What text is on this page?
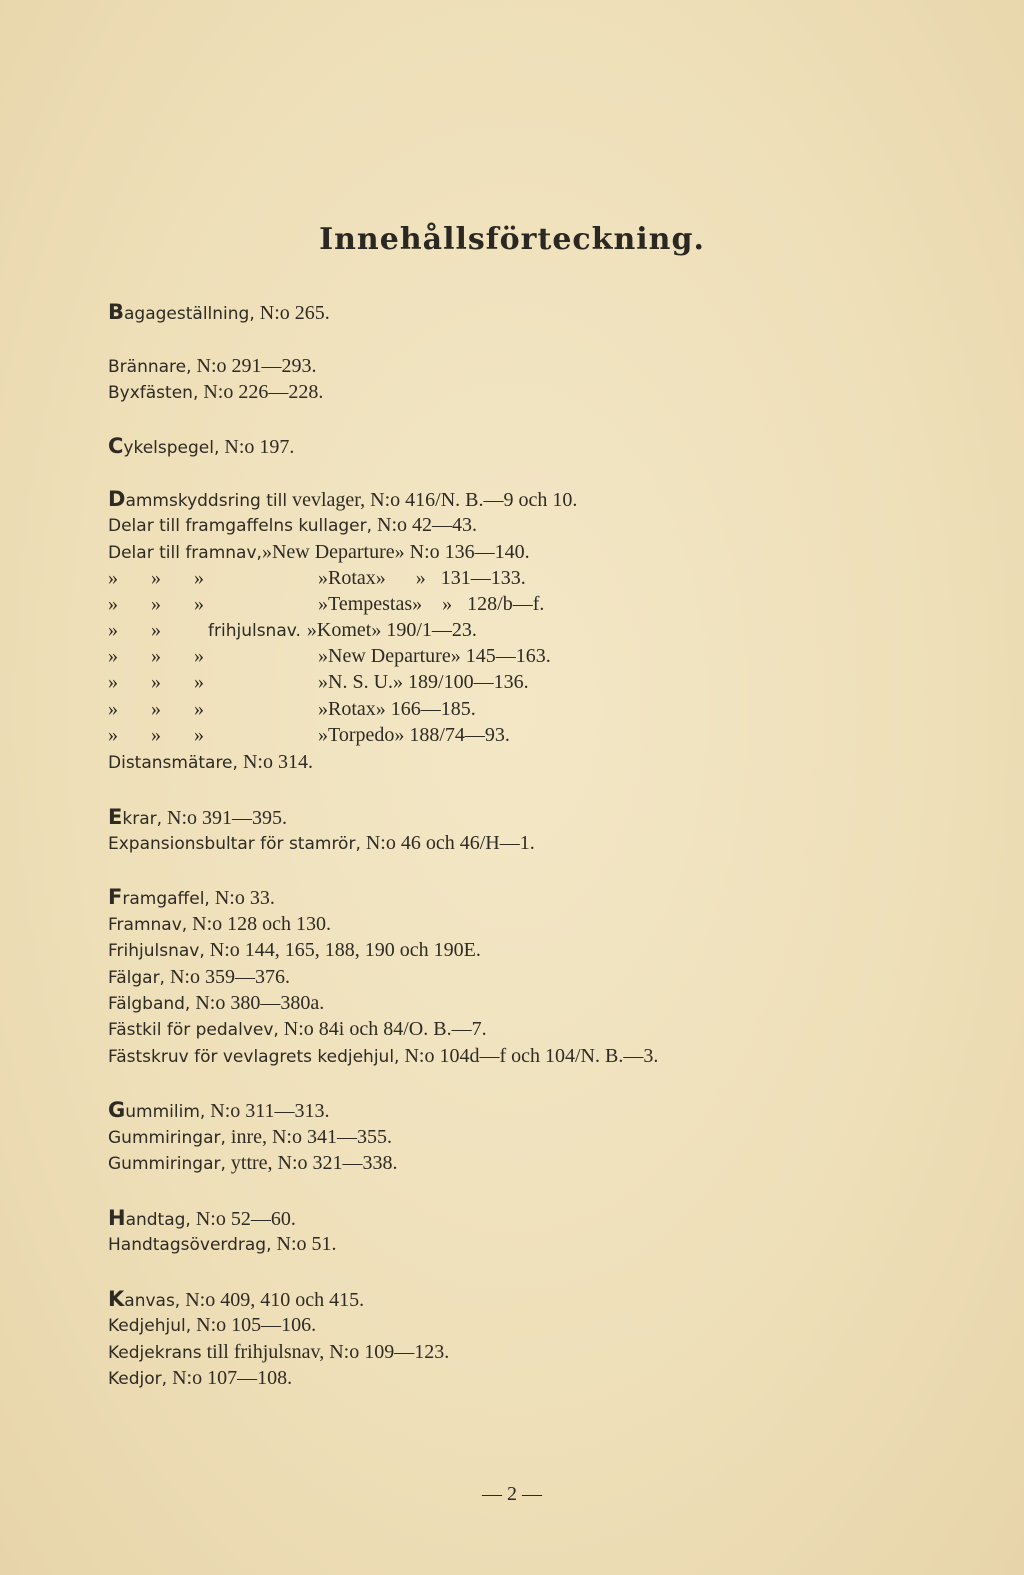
Innehållsförteckning.
Bagageställning, N:o 265.
Brännare, N:o 291—293.
Byxfästen, N:o 226—228.
Cykelspegel, N:o 197.
Dammskyddsring till vevlager, N:o 416/N. B.—9 och 10.
Delar till framgaffelns kullager, N:o 42—43.
Delar till framnav,»New Departure» N:o 136—140.
» » »	»Rotax»      »   131—133.
» » »	»Tempestas»    »   128/b—f.
» » frihjulsnav. »Komet» 190/1—23.
» » »	»New Departure» 145—163.
» » »	»N. S. U.» 189/100—136.
» » »	»Rotax» 166—185.
» » »	»Torpedo» 188/74—93.
Distansmätare, N:o 314.
Ekrar, N:o 391—395.
Expansionsbultar för stamrör, N:o 46 och 46/H—1.
Framgaffel, N:o 33.
Framnav, N:o 128 och 130.
Frihjulsnav, N:o 144, 165, 188, 190 och 190E.
Fälgar, N:o 359—376.
Fälgband, N:o 380—380a.
Fästkil för pedalvev, N:o 84i och 84/O. B.—7.
Fästskruv för vevlagrets kedjehjul, N:o 104d—f och 104/N. B.—3.
Gummilim, N:o 311—313.
Gummiringar, inre, N:o 341—355.
Gummiringar, yttre, N:o 321—338.
Handtag, N:o 52—60.
Handtagsöverdrag, N:o 51.
Kanvas, N:o 409, 410 och 415.
Kedjehjul, N:o 105—106.
Kedjekrans till frihjulsnav, N:o 109—123.
Kedjor, N:o 107—108.
— 2 —
